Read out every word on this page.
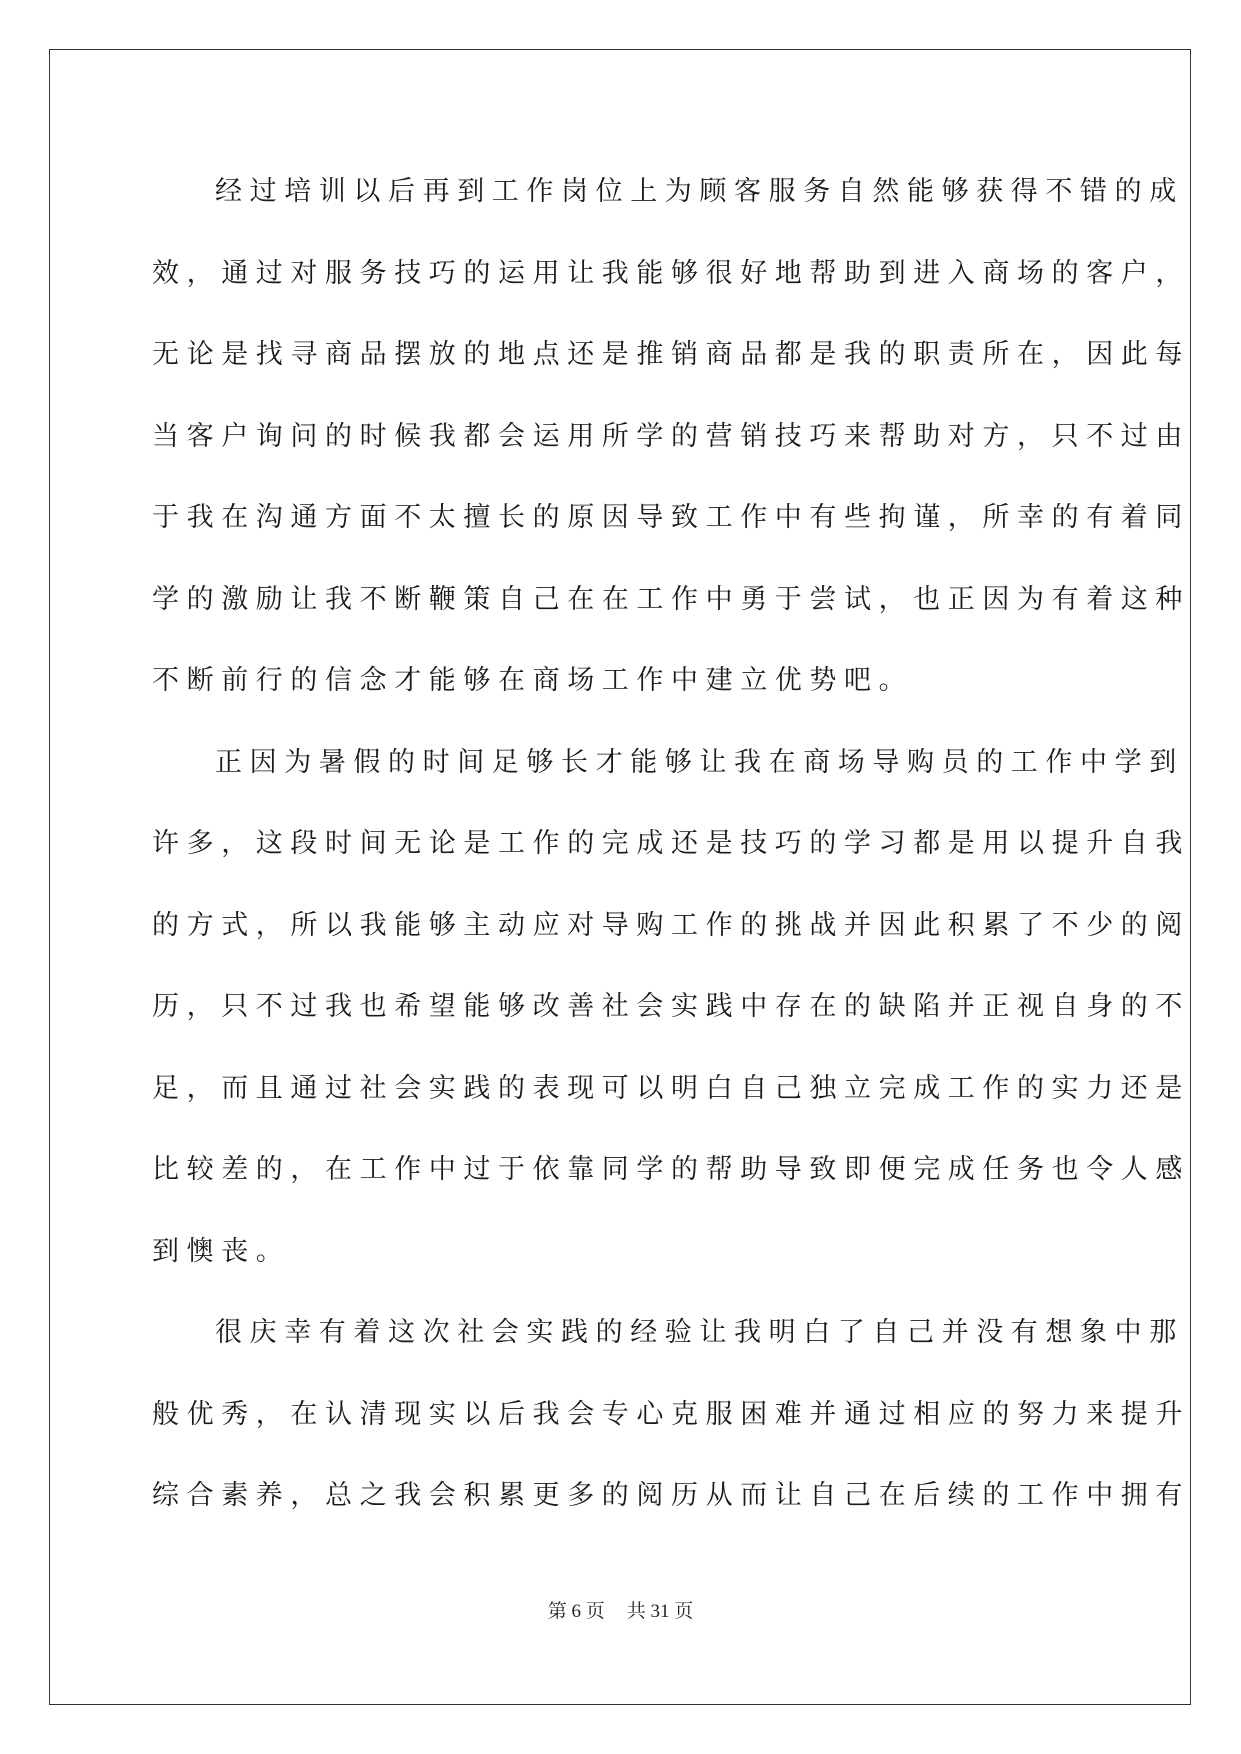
经过培训以后再到工作岗位上为顾客服务自然能够获得不错的成
效，通过对服务技巧的运用让我能够很好地帮助到进入商场的客户，
无论是找寻商品摆放的地点还是推销商品都是我的职责所在，因此每
当客户询问的时候我都会运用所学的营销技巧来帮助对方，只不过由
于我在沟通方面不太擅长的原因导致工作中有些拘谨，所幸的有着同
学的激励让我不断鞭策自己在在工作中勇于尝试，也正因为有着这种
不断前行的信念才能够在商场工作中建立优势吧。
正因为暑假的时间足够长才能够让我在商场导购员的工作中学到
许多，这段时间无论是工作的完成还是技巧的学习都是用以提升自我
的方式，所以我能够主动应对导购工作的挑战并因此积累了不少的阅
历，只不过我也希望能够改善社会实践中存在的缺陷并正视自身的不
足，而且通过社会实践的表现可以明白自己独立完成工作的实力还是
比较差的，在工作中过于依靠同学的帮助导致即便完成任务也令人感
到懊丧。
很庆幸有着这次社会实践的经验让我明白了自己并没有想象中那
般优秀，在认清现实以后我会专心克服困难并通过相应的努力来提升
综合素养，总之我会积累更多的阅历从而让自己在后续的工作中拥有
第 6 页 共 31 页
